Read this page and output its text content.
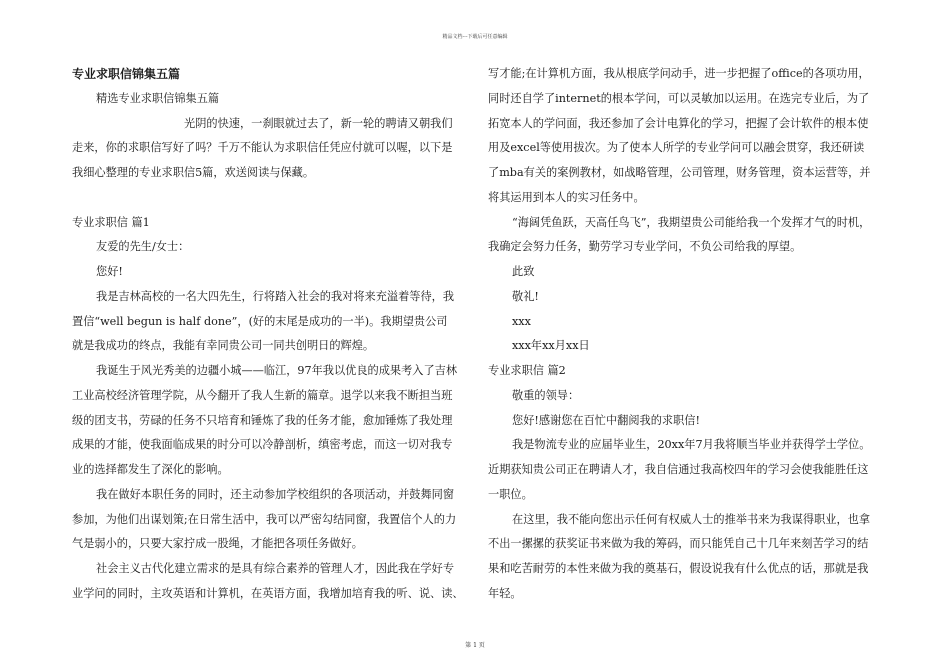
精品文档---下载后可任意编辑
专业求职信锦集五篇
精选专业求职信锦集五篇
光阴的快速，一刹眼就过去了，新一轮的聘请又朝我们
走来，你的求职信写好了吗？千万不能认为求职信任凭应付就可以喔，以下是
我细心整理的专业求职信5篇，欢送阅读与保藏。
专业求职信 篇1
友爱的先生/女士：
您好!
我是吉林高校的一名大四先生，行将踏入社会的我对将来充溢着等待，我
置信“well begun is half done”，(好的末尾是成功的一半)。我期望贵公司
就是我成功的终点，我能有幸同贵公司一同共创明日的辉煌。
我诞生于风光秀美的边疆小城——临江，97年我以优良的成果考入了吉林
工业高校经济管理学院，从今翻开了我人生新的篇章。退学以来我不断担当班
级的团支书，劳碌的任务不只培育和锤炼了我的任务才能，愈加锤炼了我处理
成果的才能，使我面临成果的时分可以冷静剖析，缜密考虑，而这一切对我专
业的选择都发生了深化的影响。
我在做好本职任务的同时，还主动参加学校组织的各项活动，并鼓舞同窗
参加，为他们出谋划策;在日常生活中，我可以严密勾结同窗，我置信个人的力
气是弱小的，只要大家拧成一股绳，才能把各项任务做好。
社会主义古代化建立需求的是具有综合素养的管理人才，因此我在学好专
业学问的同时，主攻英语和计算机，在英语方面，我增加培育我的听、说、读、
写才能;在计算机方面，我从根底学问动手，进一步把握了office的各项功用，
同时还自学了internet的根本学问，可以灵敏加以运用。在选完专业后，为了
拓宽本人的学问面，我还参加了会计电算化的学习，把握了会计软件的根本使
用及excel等使用拔次。为了使本人所学的专业学问可以融会贯穿，我还研读
了mba有关的案例教材，如战略管理，公司管理，财务管理，资本运营等，并
将其运用到本人的实习任务中。
“海阔凭鱼跃，天高任鸟飞”，我期望贵公司能给我一个发挥才气的时机，
我确定会努力任务，勤劳学习专业学问，不负公司给我的厚望。
此致
敬礼!
xxx
xxx年xx月xx日
专业求职信 篇2
敬重的领导：
您好!感谢您在百忙中翻阅我的求职信!
我是物流专业的应届毕业生，20xx年7月我将顺当毕业并获得学士学位。
近期获知贵公司正在聘请人才，我自信通过我高校四年的学习会使我能胜任这
一职位。
在这里，我不能向您出示任何有权威人士的推举书来为我谋得职业，也拿
不出一摞摞的获奖证书来做为我的筹码，而只能凭自己十几年来刻苦学习的结
果和吃苦耐劳的本性来做为我的奠基石，假设说我有什么优点的话，那就是我
年轻。
第 1 页
